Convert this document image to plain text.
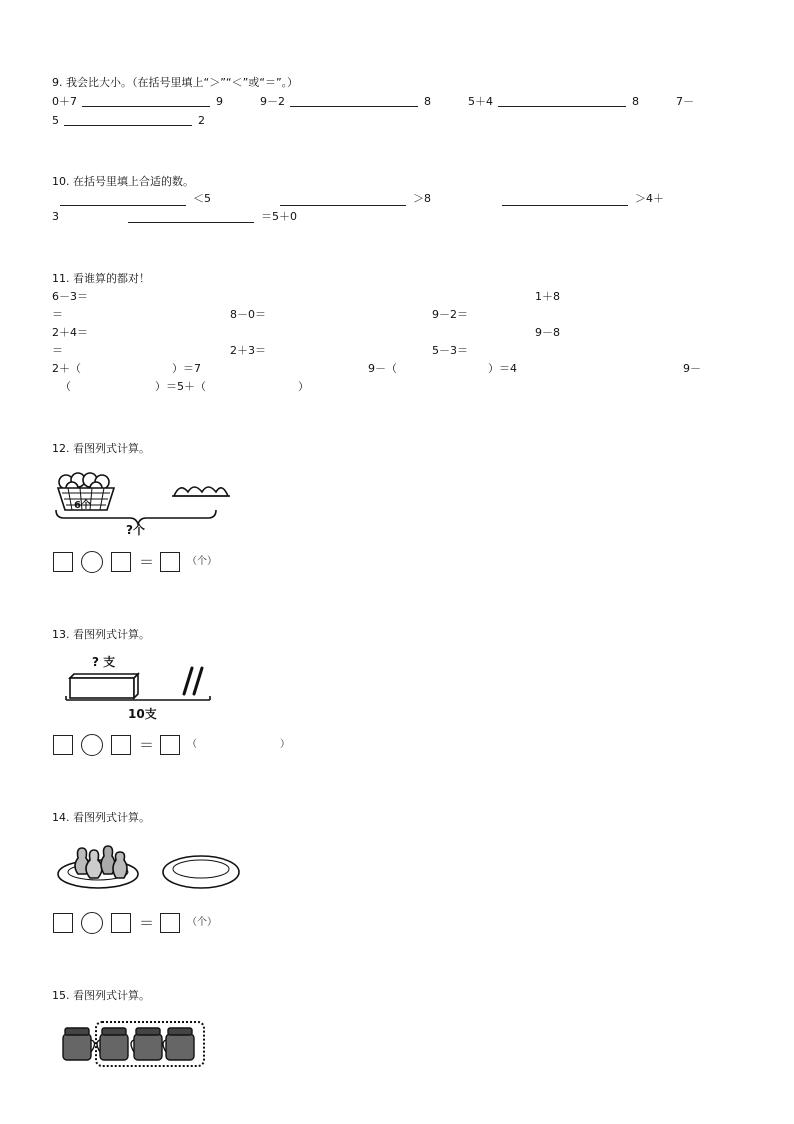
9. 我会比大小。（在括号里填上“＞”“＜”或“＝”。）
0＋7	9	9－2	8	5＋4	8	7－
5	2
10. 在括号里填上合适的数。
＜5	＞8	＞4＋
3	＝5＋0
11. 看谁算的都对！
6－3＝	1＋8
＝	8－0＝	9－2＝
2＋4＝	9－8
＝	2＋3＝	5－3＝
2＋（	）＝7	9－（	）＝4	9－
（	）＝5＋（	）
12. 看图列式计算。
6个
?个
＝	（个）
13. 看图列式计算。
? 支
10支
＝	（	）
14. 看图列式计算。
＝	（个）
15. 看图列式计算。
